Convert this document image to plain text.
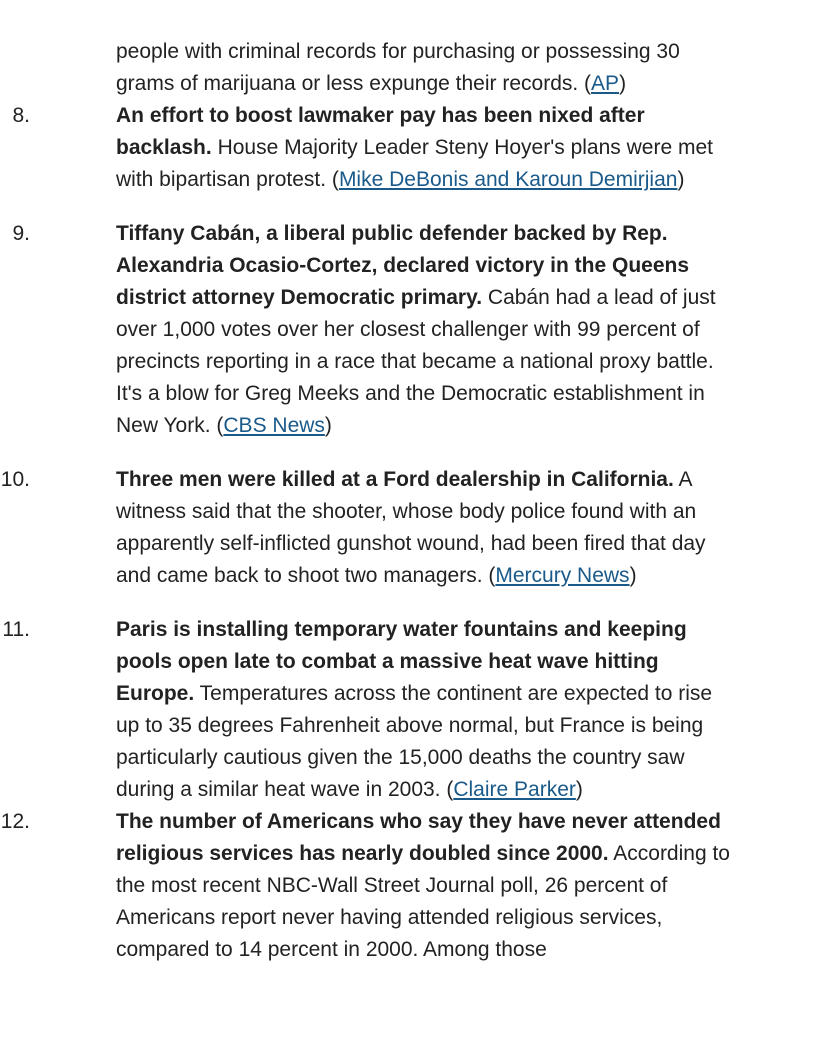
people with criminal records for purchasing or possessing 30 grams of marijuana or less expunge their records. (AP)
8.	An effort to boost lawmaker pay has been nixed after backlash. House Majority Leader Steny Hoyer's plans were met with bipartisan protest. (Mike DeBonis and Karoun Demirjian)
9.	Tiffany Cabán, a liberal public defender backed by Rep. Alexandria Ocasio-Cortez, declared victory in the Queens district attorney Democratic primary. Cabán had a lead of just over 1,000 votes over her closest challenger with 99 percent of precincts reporting in a race that became a national proxy battle. It's a blow for Greg Meeks and the Democratic establishment in New York. (CBS News)
10.	Three men were killed at a Ford dealership in California. A witness said that the shooter, whose body police found with an apparently self-inflicted gunshot wound, had been fired that day and came back to shoot two managers. (Mercury News)
11.	Paris is installing temporary water fountains and keeping pools open late to combat a massive heat wave hitting Europe. Temperatures across the continent are expected to rise up to 35 degrees Fahrenheit above normal, but France is being particularly cautious given the 15,000 deaths the country saw during a similar heat wave in 2003. (Claire Parker)
12.	The number of Americans who say they have never attended religious services has nearly doubled since 2000. According to the most recent NBC-Wall Street Journal poll, 26 percent of Americans report never having attended religious services, compared to 14 percent in 2000. Among those
